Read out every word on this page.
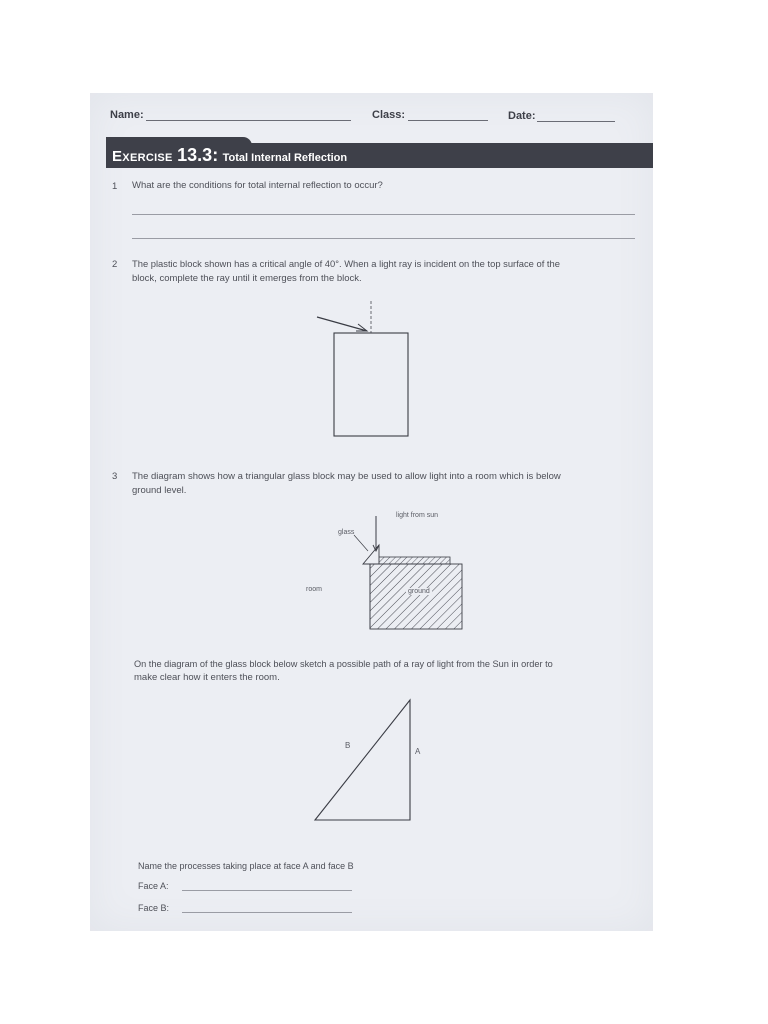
Name:	Class:	Date:
Exercise 13.3: Total Internal Reflection
1 What are the conditions for total internal reflection to occur?
2 The plastic block shown has a critical angle of 40°. When a light ray is incident on the top surface of the
block, complete the ray until it emerges from the block.
3 The diagram shows how a triangular glass block may be used to allow light into a room which is below
ground level.
light from sun
glass
room	ground
On the diagram of the glass block below sketch a possible path of a ray of light from the Sun in order to
make clear how it enters the room.
B
A
Name the processes taking place at face A and face B
Face A:
Face B:
